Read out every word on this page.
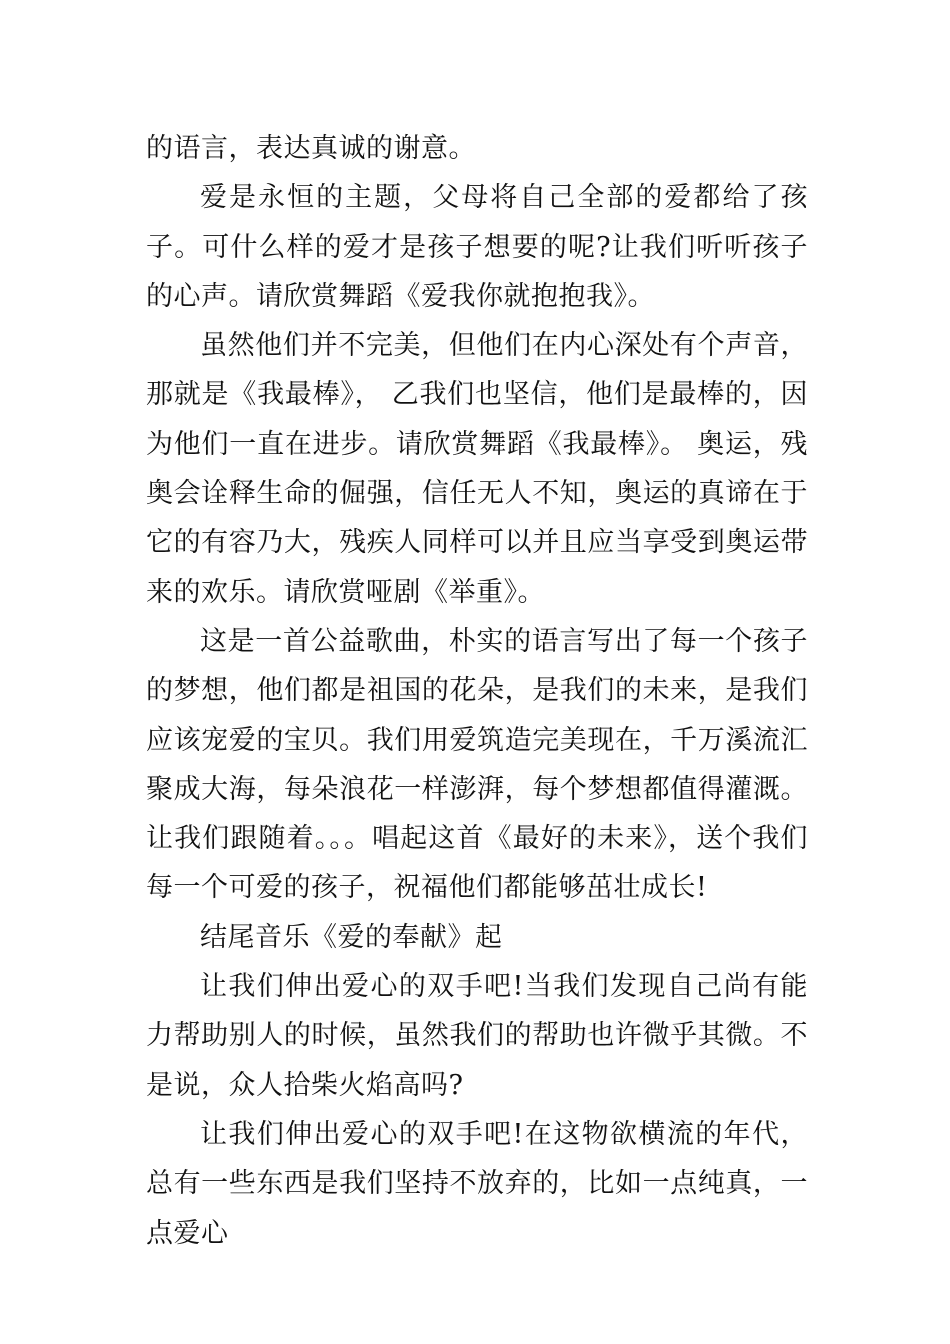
的语言，表达真诚的谢意。

爱是永恒的主题，父母将自己全部的爱都给了孩子。可什么样的爱才是孩子想要的呢?让我们听听孩子的心声。请欣赏舞蹈《爱我你就抱抱我》。

虽然他们并不完美，但他们在内心深处有个声音，那就是《我最棒》， 乙我们也坚信，他们是最棒的，因为他们一直在进步。请欣赏舞蹈《我最棒》。 奥运，残奥会诠释生命的倔强，信任无人不知，奥运的真谛在于它的有容乃大，残疾人同样可以并且应当享受到奥运带来的欢乐。请欣赏哑剧《举重》。

这是一首公益歌曲，朴实的语言写出了每一个孩子的梦想，他们都是祖国的花朵，是我们的未来，是我们应该宠爱的宝贝。我们用爱筑造完美现在，千万溪流汇聚成大海，每朵浪花一样澎湃，每个梦想都值得灌溉。让我们跟随着。。。唱起这首《最好的未来》，送个我们每一个可爱的孩子，祝福他们都能够茁壮成长!

结尾音乐《爱的奉献》起

让我们伸出爱心的双手吧!当我们发现自己尚有能力帮助别人的时候，虽然我们的帮助也许微乎其微。不是说，众人拾柴火焰高吗?

让我们伸出爱心的双手吧!在这物欲横流的年代，总有一些东西是我们坚持不放弃的，比如一点纯真，一点爱心
